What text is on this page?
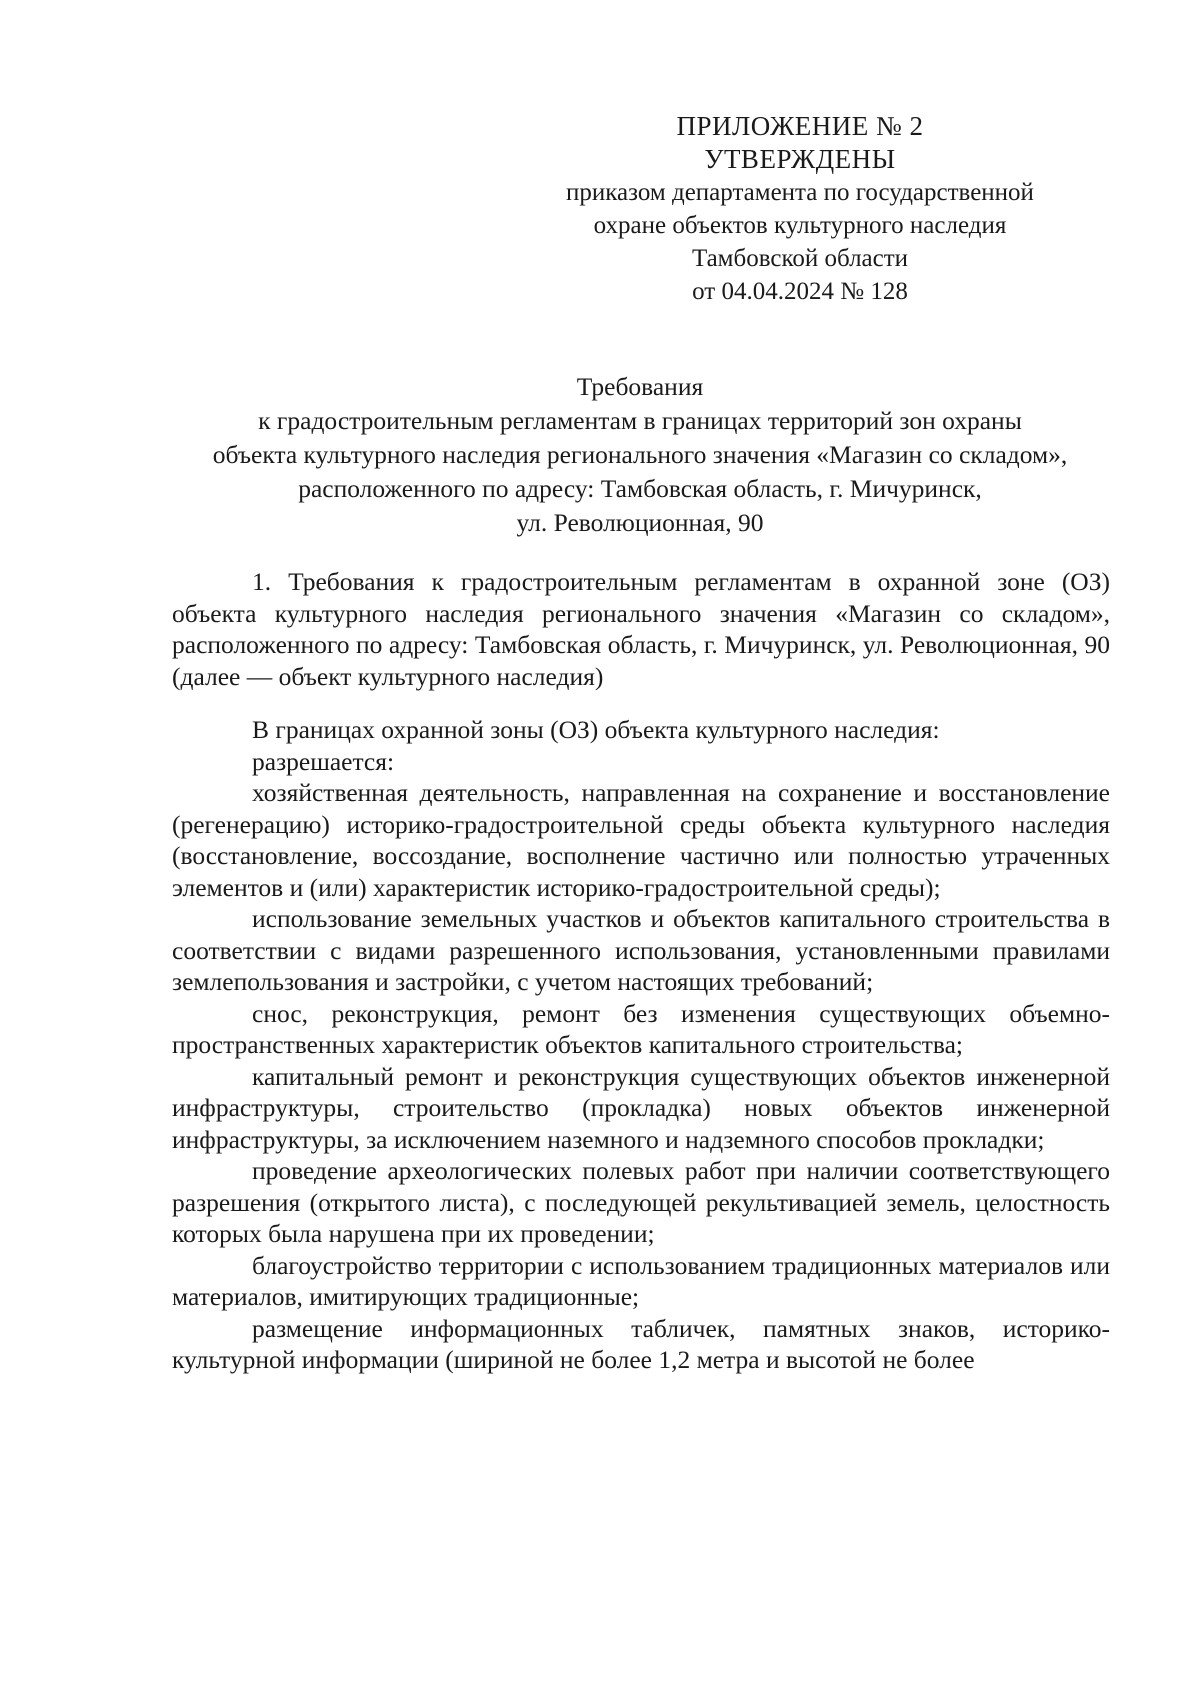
ПРИЛОЖЕНИЕ № 2
УТВЕРЖДЕНЫ
приказом департамента по государственной
охране объектов культурного наследия
Тамбовской области
от 04.04.2024 № 128
Требования
к градостроительным регламентам в границах территорий зон охраны
объекта культурного наследия регионального значения «Магазин со складом»,
расположенного по адресу: Тамбовская область, г. Мичуринск,
ул. Революционная, 90

1. Требования к градостроительным регламентам в охранной зоне (ОЗ) объекта культурного наследия регионального значения «Магазин со складом», расположенного по адресу: Тамбовская область, г. Мичуринск, ул. Революционная, 90 (далее — объект культурного наследия)

В границах охранной зоны (ОЗ) объекта культурного наследия:

разрешается:

хозяйственная деятельность, направленная на сохранение и восстановление (регенерацию) историко-градостроительной среды объекта культурного наследия (восстановление, воссоздание, восполнение частично или полностью утраченных элементов и (или) характеристик историко-градостроительной среды);

использование земельных участков и объектов капитального строительства в соответствии с видами разрешенного использования, установленными правилами землепользования и застройки, с учетом настоящих требований;

снос, реконструкция, ремонт без изменения существующих объемно-пространственных характеристик объектов капитального строительства;

капитальный ремонт и реконструкция существующих объектов инженерной инфраструктуры, строительство (прокладка) новых объектов инженерной инфраструктуры, за исключением наземного и надземного способов прокладки;

проведение археологических полевых работ при наличии соответствующего разрешения (открытого листа), с последующей рекультивацией земель, целостность которых была нарушена при их проведении;

благоустройство территории с использованием традиционных материалов или материалов, имитирующих традиционные;

размещение информационных табличек, памятных знаков, историко-культурной информации (шириной не более 1,2 метра и высотой не более
